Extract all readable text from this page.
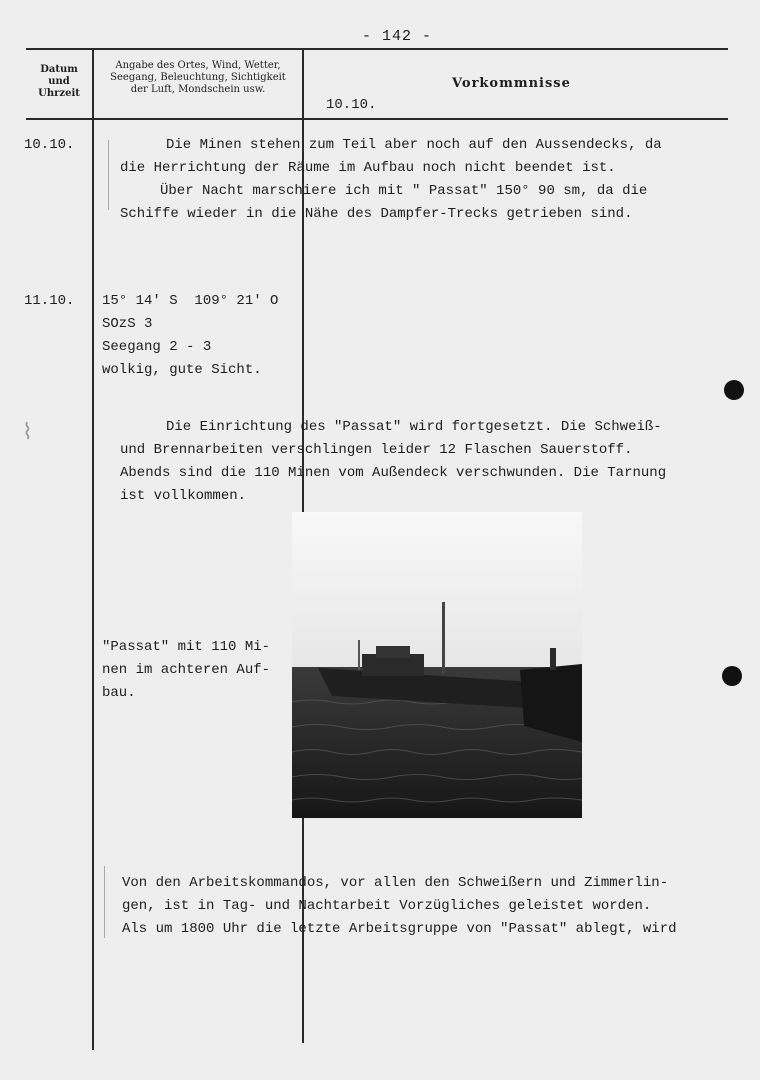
- 142 -
Datum
und
Uhrzeit
Angabe des Ortes, Wind, Wetter,
Seegang, Beleuchtung, Sichtigkeit
der Luft, Mondschein usw.	Vorkommnisse
10.10.
10.10.	Die Minen stehen zum Teil aber noch auf den Aussendecks, da
die Herrichtung der Räume im Aufbau noch nicht beendet ist.
Über Nacht marschiere ich mit " Passat" 150° 90 sm, da die
Schiffe wieder in die Nähe des Dampfer-Trecks getrieben sind.
11.10. 15° 14' S  109° 21' O
SOzS 3
Seegang 2 - 3
wolkig, gute Sicht.
Die Einrichtung des "Passat" wird fortgesetzt. Die Schweiß-
und Brennarbeiten verschlingen leider 12 Flaschen Sauerstoff.
Abends sind die 110 Minen vom Außendeck verschwunden. Die Tarnung
ist vollkommen.
⌇
"Passat" mit 110 Mi-
nen im achteren Auf-
bau.
Von den Arbeitskommandos, vor allen den Schweißern und Zimmerlin-
gen, ist in Tag- und Nachtarbeit Vorzügliches geleistet worden.
Als um 1800 Uhr die letzte Arbeitsgruppe von "Passat" ablegt, wird
